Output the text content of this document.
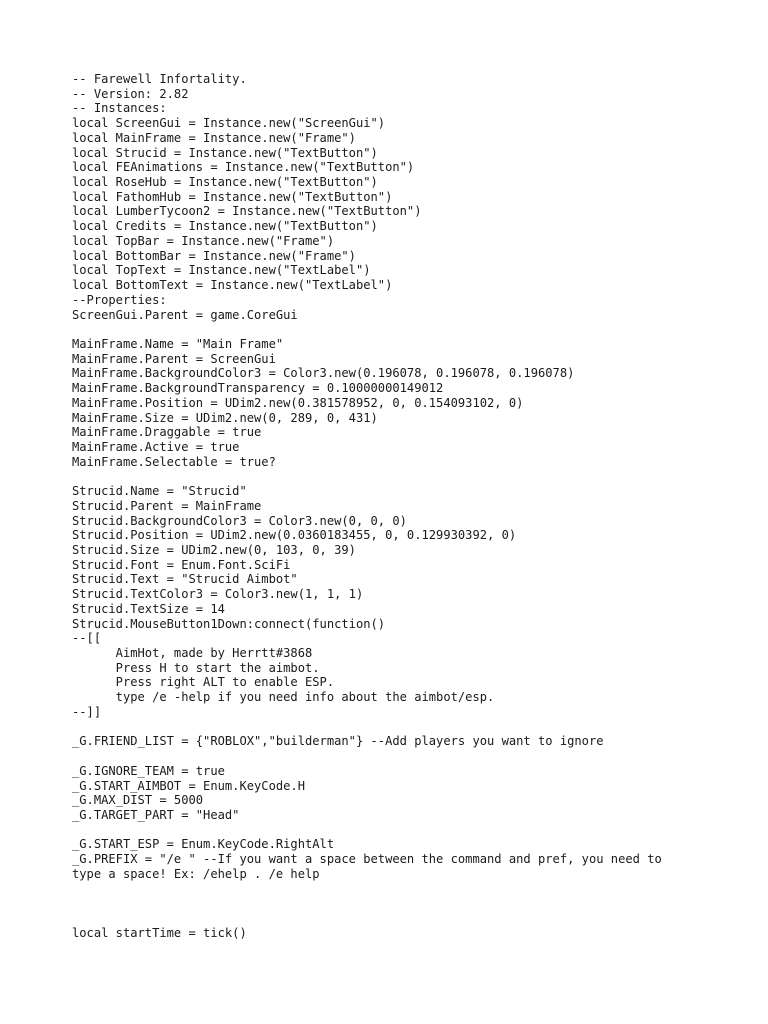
-- Farewell Infortality.
-- Version: 2.82
-- Instances:
local ScreenGui = Instance.new("ScreenGui")
local MainFrame = Instance.new("Frame")
local Strucid = Instance.new("TextButton")
local FEAnimations = Instance.new("TextButton")
local RoseHub = Instance.new("TextButton")
local FathomHub = Instance.new("TextButton")
local LumberTycoon2 = Instance.new("TextButton")
local Credits = Instance.new("TextButton")
local TopBar = Instance.new("Frame")
local BottomBar = Instance.new("Frame")
local TopText = Instance.new("TextLabel")
local BottomText = Instance.new("TextLabel")
--Properties:
ScreenGui.Parent = game.CoreGui
MainFrame.Name = "Main Frame"
MainFrame.Parent = ScreenGui
MainFrame.BackgroundColor3 = Color3.new(0.196078, 0.196078, 0.196078)
MainFrame.BackgroundTransparency = 0.10000000149012
MainFrame.Position = UDim2.new(0.381578952, 0, 0.154093102, 0)
MainFrame.Size = UDim2.new(0, 289, 0, 431)
MainFrame.Draggable = true
MainFrame.Active = true
MainFrame.Selectable = true?
Strucid.Name = "Strucid"
Strucid.Parent = MainFrame
Strucid.BackgroundColor3 = Color3.new(0, 0, 0)
Strucid.Position = UDim2.new(0.0360183455, 0, 0.129930392, 0)
Strucid.Size = UDim2.new(0, 103, 0, 39)
Strucid.Font = Enum.Font.SciFi
Strucid.Text = "Strucid Aimbot"
Strucid.TextColor3 = Color3.new(1, 1, 1)
Strucid.TextSize = 14
Strucid.MouseButton1Down:connect(function()
--[[
AimHot, made by Herrtt#3868
Press H to start the aimbot.
Press right ALT to enable ESP.
type /e -help if you need info about the aimbot/esp.
--]]
_G.FRIEND_LIST = {"ROBLOX","builderman"} --Add players you want to ignore
_G.IGNORE_TEAM = true
_G.START_AIMBOT = Enum.KeyCode.H
_G.MAX_DIST = 5000
_G.TARGET_PART = "Head"
_G.START_ESP = Enum.KeyCode.RightAlt
_G.PREFIX = "/e " --If you want a space between the command and pref, you need to
type a space! Ex: /ehelp . /e help
local startTime = tick()
